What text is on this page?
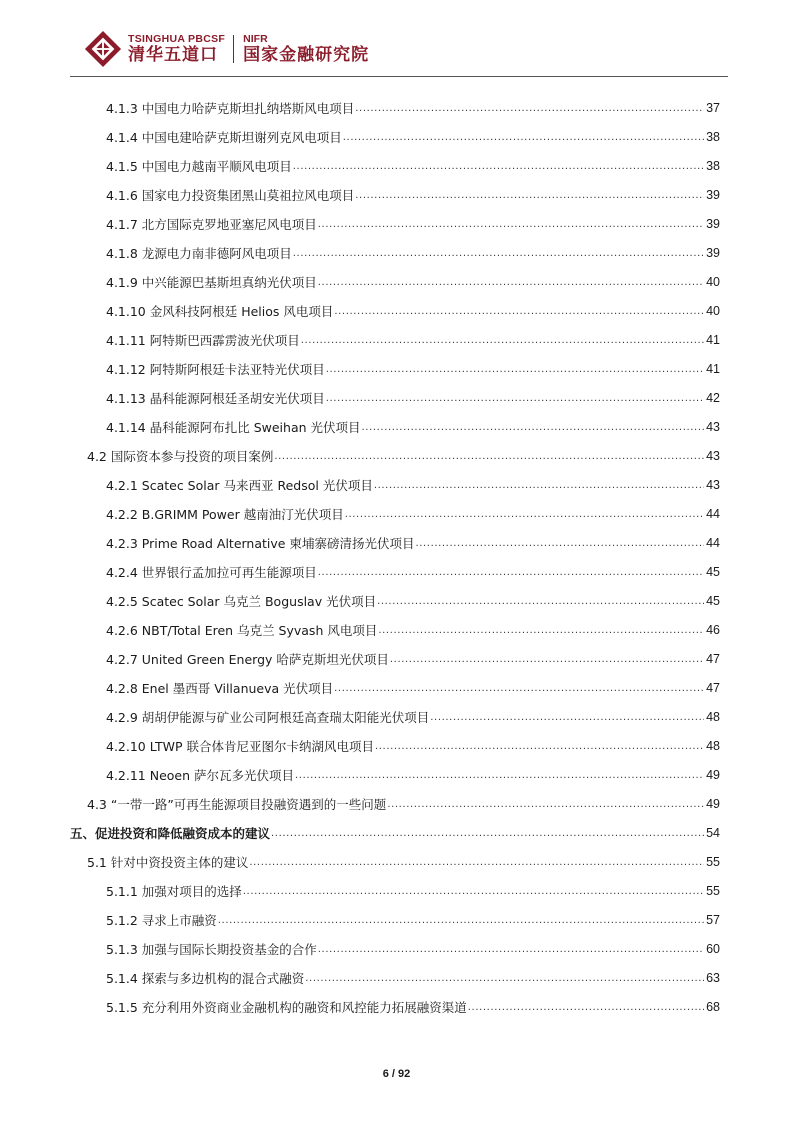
TSINGHUA PBCSF
清华五道口
NIFR
国家金融研究院
4.1.3 中国电力哈萨克斯坦扎纳塔斯风电项目 .....	37
4.1.4 中国电建哈萨克斯坦谢列克风电项目 .....	38
4.1.5 中国电力越南平顺风电项目 .....	38
4.1.6 国家电力投资集团黑山莫祖拉风电项目 .....	39
4.1.7 北方国际克罗地亚塞尼风电项目 .....	39
4.1.8 龙源电力南非德阿风电项目 .....	39
4.1.9 中兴能源巴基斯坦真纳光伏项目 .....	40
4.1.10 金风科技阿根廷 Helios 风电项目 .....	40
4.1.11 阿特斯巴西霹雳波光伏项目 .....	41
4.1.12 阿特斯阿根廷卡法亚特光伏项目 .....	41
4.1.13 晶科能源阿根廷圣胡安光伏项目 .....	42
4.1.14 晶科能源阿布扎比 Sweihan 光伏项目 .....	43
4.2 国际资本参与投资的项目案例 .....	43
4.2.1 Scatec Solar 马来西亚 Redsol 光伏项目 .....	43
4.2.2 B.GRIMM Power 越南油汀光伏项目 .....	44
4.2.3 Prime Road Alternative 柬埔寨磅清扬光伏项目 .....	44
4.2.4 世界银行孟加拉可再生能源项目 .....	45
4.2.5 Scatec Solar 乌克兰 Boguslav 光伏项目 .....	45
4.2.6 NBT/Total Eren 乌克兰 Syvash 风电项目 .....	46
4.2.7 United Green Energy 哈萨克斯坦光伏项目 .....	47
4.2.8 Enel 墨西哥 Villanueva 光伏项目 .....	47
4.2.9 胡胡伊能源与矿业公司阿根廷高查瑞太阳能光伏项目 .....	48
4.2.10 LTWP 联合体肯尼亚图尔卡纳湖风电项目 .....	48
4.2.11 Neoen 萨尔瓦多光伏项目 .....	49
4.3 “一带一路”可再生能源项目投融资遇到的一些问题 .....	49
五、促进投资和降低融资成本的建议 .....	54
5.1 针对中资投资主体的建议 .....	55
5.1.1 加强对项目的选择 .....	55
5.1.2 寻求上市融资 .....	57
5.1.3 加强与国际长期投资基金的合作 .....	60
5.1.4 探索与多边机构的混合式融资 .....	63
5.1.5 充分利用外资商业金融机构的融资和风控能力拓展融资渠道 .....	68
6 / 92
